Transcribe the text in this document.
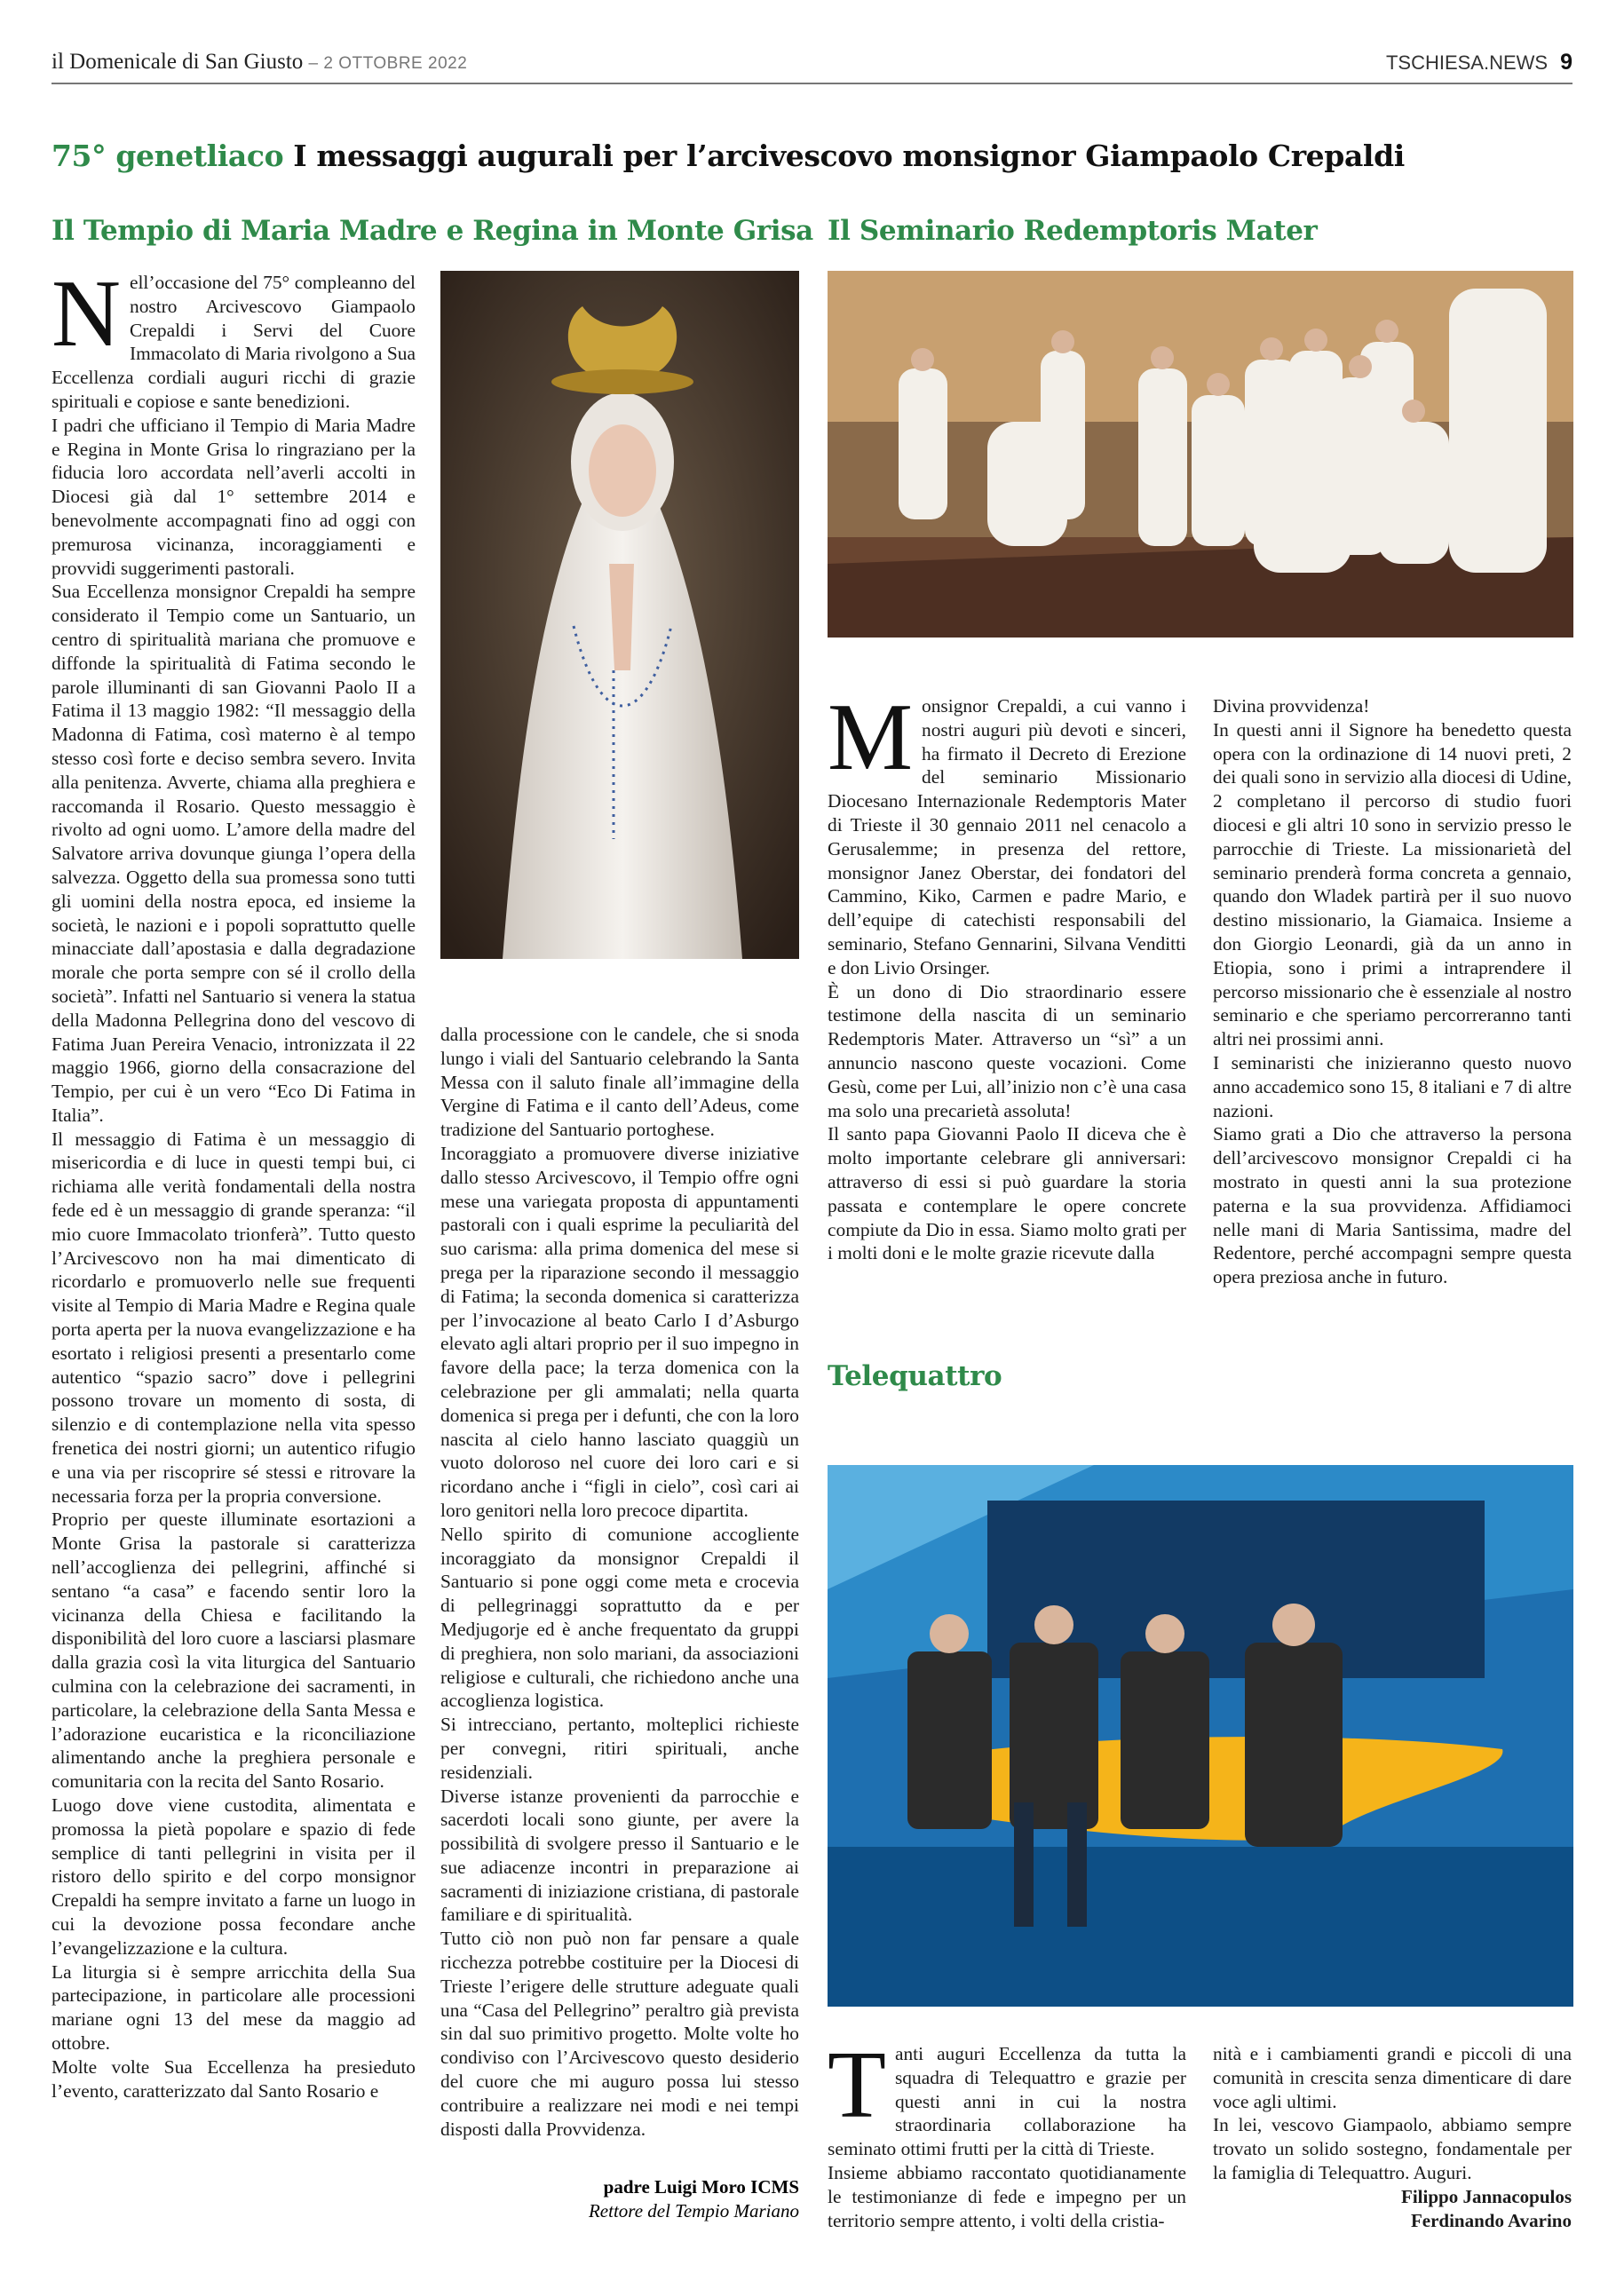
il Domenicale di San Giusto – 2 OTTOBRE 2022	TSCHIESA.NEWS 9
75° genetliaco I messaggi augurali per l’arcivescovo monsignor Giampaolo Crepaldi
Il Tempio di Maria Madre e Regina in Monte Grisa
N ell’occasione del 75° compleanno del nostro Arcivescovo Giampaolo Crepaldi i Servi del Cuore Immacolato di Maria rivolgono a Sua Eccellenza cordiali auguri ricchi di grazie spirituali e copiose e sante benedizioni.

I padri che ufficiano il Tempio di Maria Madre e Regina in Monte Grisa lo ringraziano per la fiducia loro accordata nell’averli accolti in Diocesi già dal 1° settembre 2014 e benevolmente accompagnati fino ad oggi con premurosa vicinanza, incoraggiamenti e provvidi suggerimenti pastorali.

Sua Eccellenza monsignor Crepaldi ha sempre considerato il Tempio come un Santuario, un centro di spiritualità mariana che promuove e diffonde la spiritualità di Fatima secondo le parole illuminanti di san Giovanni Paolo II a Fatima il 13 maggio 1982: “Il messaggio della Madonna di Fatima, così materno è al tempo stesso così forte e deciso sembra severo. Invita alla penitenza. Avverte, chiama alla preghiera e raccomanda il Rosario. Questo messaggio è rivolto ad ogni uomo. L’amore della madre del Salvatore arriva dovunque giunga l’opera della salvezza. Oggetto della sua promessa sono tutti gli uomini della nostra epoca, ed insieme la società, le nazioni e i popoli soprattutto quelle minacciate dall’apostasia e dalla degradazione morale che porta sempre con sé il crollo della società”. Infatti nel Santuario si venera la statua della Madonna Pellegrina dono del vescovo di Fatima Juan Pereira Venacio, intronizzata il 22 maggio 1966, giorno della consacrazione del Tempio, per cui è un vero “Eco Di Fatima in Italia”.

Il messaggio di Fatima è un messaggio di misericordia e di luce in questi tempi bui, ci richiama alle verità fondamentali della nostra fede ed è un messaggio di grande speranza: “il mio cuore Immacolato trionferà”. Tutto questo l’Arcivescovo non ha mai dimenticato di ricordarlo e promuoverlo nelle sue frequenti visite al Tempio di Maria Madre e Regina quale porta aperta per la nuova evangelizzazione e ha esortato i religiosi presenti a presentarlo come autentico “spazio sacro” dove i pellegrini possono trovare un momento di sosta, di silenzio e di contemplazione nella vita spesso frenetica dei nostri giorni; un autentico rifugio e una via per riscoprire sé stessi e ritrovare la necessaria forza per la propria conversione.

Proprio per queste illuminate esortazioni a Monte Grisa la pastorale si caratterizza nell’accoglienza dei pellegrini, affinché si sentano “a casa” e facendo sentir loro la vicinanza della Chiesa e facilitando la disponibilità del loro cuore a lasciarsi plasmare dalla grazia così la vita liturgica del Santuario culmina con la celebrazione dei sacramenti, in particolare, la celebrazione della Santa Messa e l’adorazione eucaristica e la riconciliazione alimentando anche la preghiera personale e comunitaria con la recita del Santo Rosario.

Luogo dove viene custodita, alimentata e promossa la pietà popolare e spazio di fede semplice di tanti pellegrini in visita per il ristoro dello spirito e del corpo monsignor Crepaldi ha sempre invitato a farne un luogo in cui la devozione possa fecondare anche l’evangelizzazione e la cultura.

La liturgia si è sempre arricchita della Sua partecipazione, in particolare alle processioni mariane ogni 13 del mese da maggio ad ottobre.

Molte volte Sua Eccellenza ha presieduto l’evento, caratterizzato dal Santo Rosario e

dalla processione con le candele, che si snoda lungo i viali del Santuario celebrando la Santa Messa con il saluto finale all’immagine della Vergine di Fatima e il canto dell’Adeus, come tradizione del Santuario portoghese.

Incoraggiato a promuovere diverse iniziative dallo stesso Arcivescovo, il Tempio offre ogni mese una variegata proposta di appuntamenti pastorali con i quali esprime la peculiarità del suo carisma: alla prima domenica del mese si prega per la riparazione secondo il messaggio di Fatima; la seconda domenica si caratterizza per l’invocazione al beato Carlo I d’Asburgo elevato agli altari proprio per il suo impegno in favore della pace; la terza domenica con la celebrazione per gli ammalati; nella quarta domenica si prega per i defunti, che con la loro nascita al cielo hanno lasciato quaggiù un vuoto doloroso nel cuore dei loro cari e si ricordano anche i “figli in cielo”, così cari ai loro genitori nella loro precoce dipartita.

Nello spirito di comunione accogliente incoraggiato da monsignor Crepaldi il Santuario si pone oggi come meta e crocevia di pellegrinaggi soprattutto da e per Medjugorje ed è anche frequentato da gruppi di preghiera, non solo mariani, da associazioni religiose e culturali, che richiedono anche una accoglienza logistica.

Si intrecciano, pertanto, molteplici richieste per convegni, ritiri spirituali, anche residenziali.

Diverse istanze provenienti da parrocchie e sacerdoti locali sono giunte, per avere la possibilità di svolgere presso il Santuario e le sue adiacenze incontri in preparazione ai sacramenti di iniziazione cristiana, di pastorale familiare e di spiritualità.

Tutto ciò non può non far pensare a quale ricchezza potrebbe costituire per la Diocesi di Trieste l’erigere delle strutture adeguate quali una “Casa del Pellegrino” peraltro già prevista sin dal suo primitivo progetto. Molte volte ho condiviso con l’Arcivescovo questo desiderio del cuore che mi auguro possa lui stesso contribuire a realizzare nei modi e nei tempi disposti dalla Provvidenza.

padre Luigi Moro ICMS
Rettore del Tempio Mariano
Il Seminario Redemptoris Mater
M onsignor Crepaldi, a cui vanno i nostri auguri più devoti e sinceri, ha firmato il Decreto di Erezione del seminario Missionario Diocesano Internazionale Redemptoris Mater di Trieste il 30 gennaio 2011 nel cenacolo a Gerusalemme; in presenza del rettore, monsignor Janez Oberstar, dei fondatori del Cammino, Kiko, Carmen e padre Mario, e dell’equipe di catechisti responsabili del seminario, Stefano Gennarini, Silvana Venditti e don Livio Orsinger.

È un dono di Dio straordinario essere testimone della nascita di un seminario Redemptoris Mater. Attraverso un “sì” a un annuncio nascono queste vocazioni. Come Gesù, come per Lui, all’inizio non c’è una casa ma solo una precarietà assoluta!

Il santo papa Giovanni Paolo II diceva che è molto importante celebrare gli anniversari: attraverso di essi si può guardare la storia passata e contemplare le opere concrete compiute da Dio in essa. Siamo molto grati per i molti doni e le molte grazie ricevute dalla

Divina provvidenza!

In questi anni il Signore ha benedetto questa opera con la ordinazione di 14 nuovi preti, 2 dei quali sono in servizio alla diocesi di Udine, 2 completano il percorso di studio fuori diocesi e gli altri 10 sono in servizio presso le parrocchie di Trieste. La missionarietà del seminario prenderà forma concreta a gennaio, quando don Wladek partirà per il suo nuovo destino missionario, la Giamaica. Insieme a don Giorgio Leonardi, già da un anno in Etiopia, sono i primi a intraprendere il percorso missionario che è essenziale al nostro seminario e che speriamo percorreranno tanti altri nei prossimi anni.

I seminaristi che inizieranno questo nuovo anno accademico sono 15, 8 italiani e 7 di altre nazioni.

Siamo grati a Dio che attraverso la persona dell’arcivescovo monsignor Crepaldi ci ha mostrato in questi anni la sua protezione paterna e la sua provvidenza. Affidiamoci nelle mani di Maria Santissima, madre del Redentore, perché accompagni sempre questa opera preziosa anche in futuro.

Telequattro
T anti auguri Eccellenza da tutta la squadra di Telequattro e grazie per questi anni in cui la nostra straordinaria collaborazione ha seminato ottimi frutti per la città di Trieste.

Insieme abbiamo raccontato quotidianamente le testimonianze di fede e impegno per un territorio sempre attento, i volti della cristia-

nità e i cambiamenti grandi e piccoli di una comunità in crescita senza dimenticare di dare voce agli ultimi.

In lei, vescovo Giampaolo, abbiamo sempre trovato un solido sostegno, fondamentale per la famiglia di Telequattro. Auguri.

Filippo Jannacopulos
Ferdinando Avarino
